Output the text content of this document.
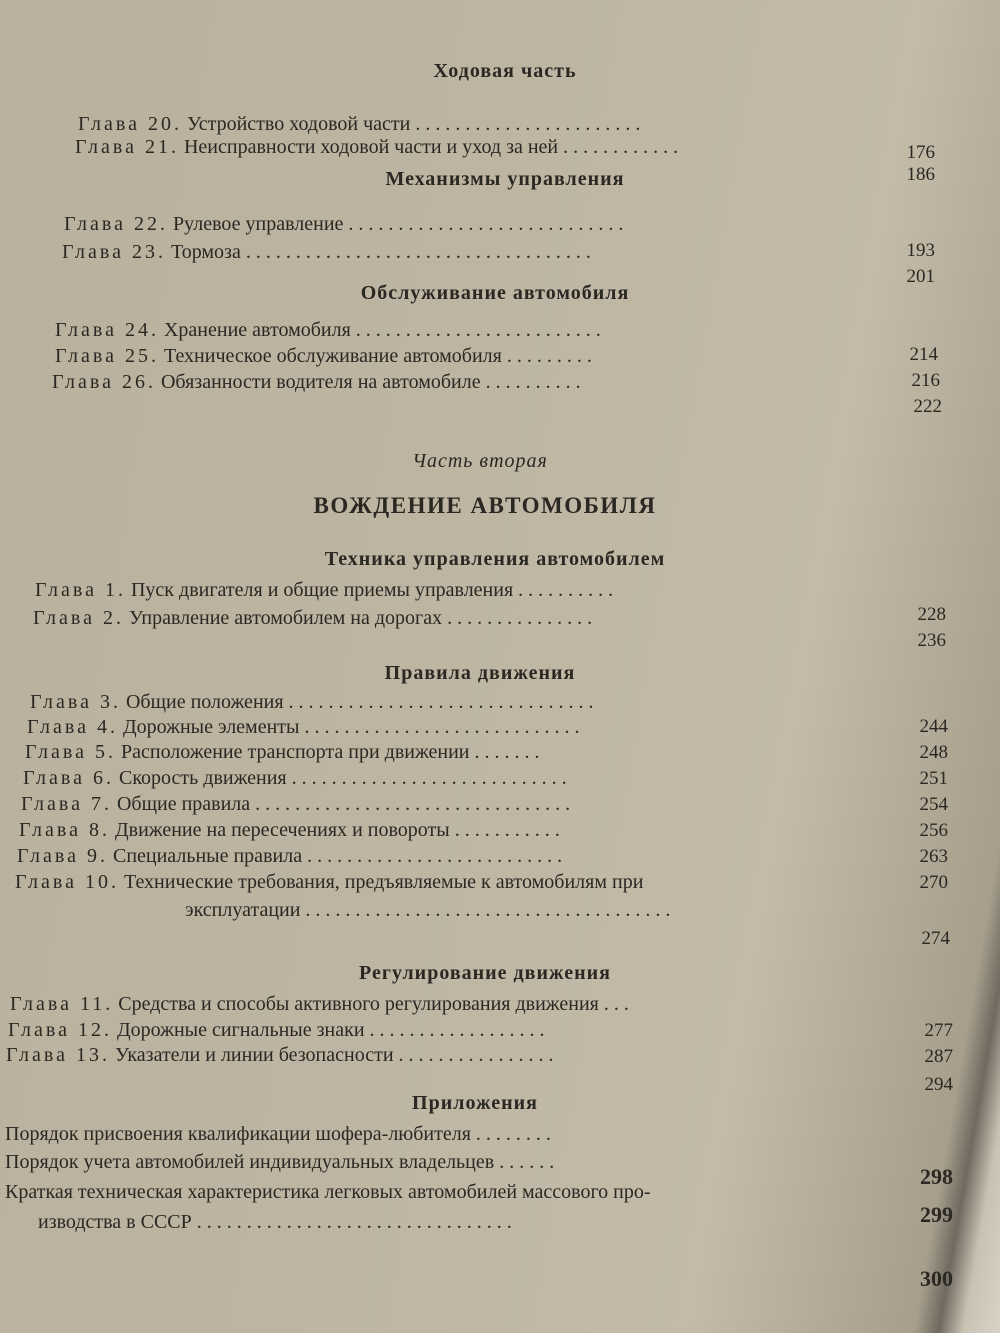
Ходовая часть
Механизмы управления
Обслуживание автомобиля
Часть вторая
ВОЖДЕНИЕ АВТОМОБИЛЯ
Техника управления автомобилем
Правила движения
Регулирование движения
Приложения
Глава 20. Устройство ходовой части . . . . . . . . . . . . . . . . . . . . . . .
Глава 21. Неисправности ходовой части и уход за ней . . . . . . . . . . . .
Глава 22. Рулевое управление . . . . . . . . . . . . . . . . . . . . . . . . . . . .
Глава 23. Тормоза . . . . . . . . . . . . . . . . . . . . . . . . . . . . . . . . . . .
Глава 24. Хранение автомобиля . . . . . . . . . . . . . . . . . . . . . . . . .
Глава 25. Техническое обслуживание автомобиля . . . . . . . . .
Глава 26. Обязанности водителя на автомобиле . . . . . . . . . .
Глава 1. Пуск двигателя и общие приемы управления . . . . . . . . . .
Глава 2. Управление автомобилем на дорогах . . . . . . . . . . . . . . .
Глава 3. Общие положения . . . . . . . . . . . . . . . . . . . . . . . . . . . . . . .
Глава 4. Дорожные элементы . . . . . . . . . . . . . . . . . . . . . . . . . . . .
Глава 5. Расположение транспорта при движении . . . . . . .
Глава 6. Скорость движения . . . . . . . . . . . . . . . . . . . . . . . . . . . .
Глава 7. Общие правила . . . . . . . . . . . . . . . . . . . . . . . . . . . . . . . .
Глава 8. Движение на пересечениях и повороты . . . . . . . . . . .
Глава 9. Специальные правила . . . . . . . . . . . . . . . . . . . . . . . . . .
Глава 10. Технические требования, предъявляемые к автомобилям при
эксплуатации . . . . . . . . . . . . . . . . . . . . . . . . . . . . . . . . . . . . .
Глава 11. Средства и способы активного регулирования движения . . .
Глава 12. Дорожные сигнальные знаки . . . . . . . . . . . . . . . . . .
Глава 13. Указатели и линии безопасности . . . . . . . . . . . . . . . .
Порядок присвоения квалификации шофера-любителя . . . . . . . .
Порядок учета автомобилей индивидуальных владельцев . . . . . .
Краткая техническая характеристика легковых автомобилей массового про-
изводства в СССР . . . . . . . . . . . . . . . . . . . . . . . . . . . . . . . .
176
186
193
201
214
216
222
228
236
244
248
251
254
256
263
270
274
277
287
294
298
299
300
